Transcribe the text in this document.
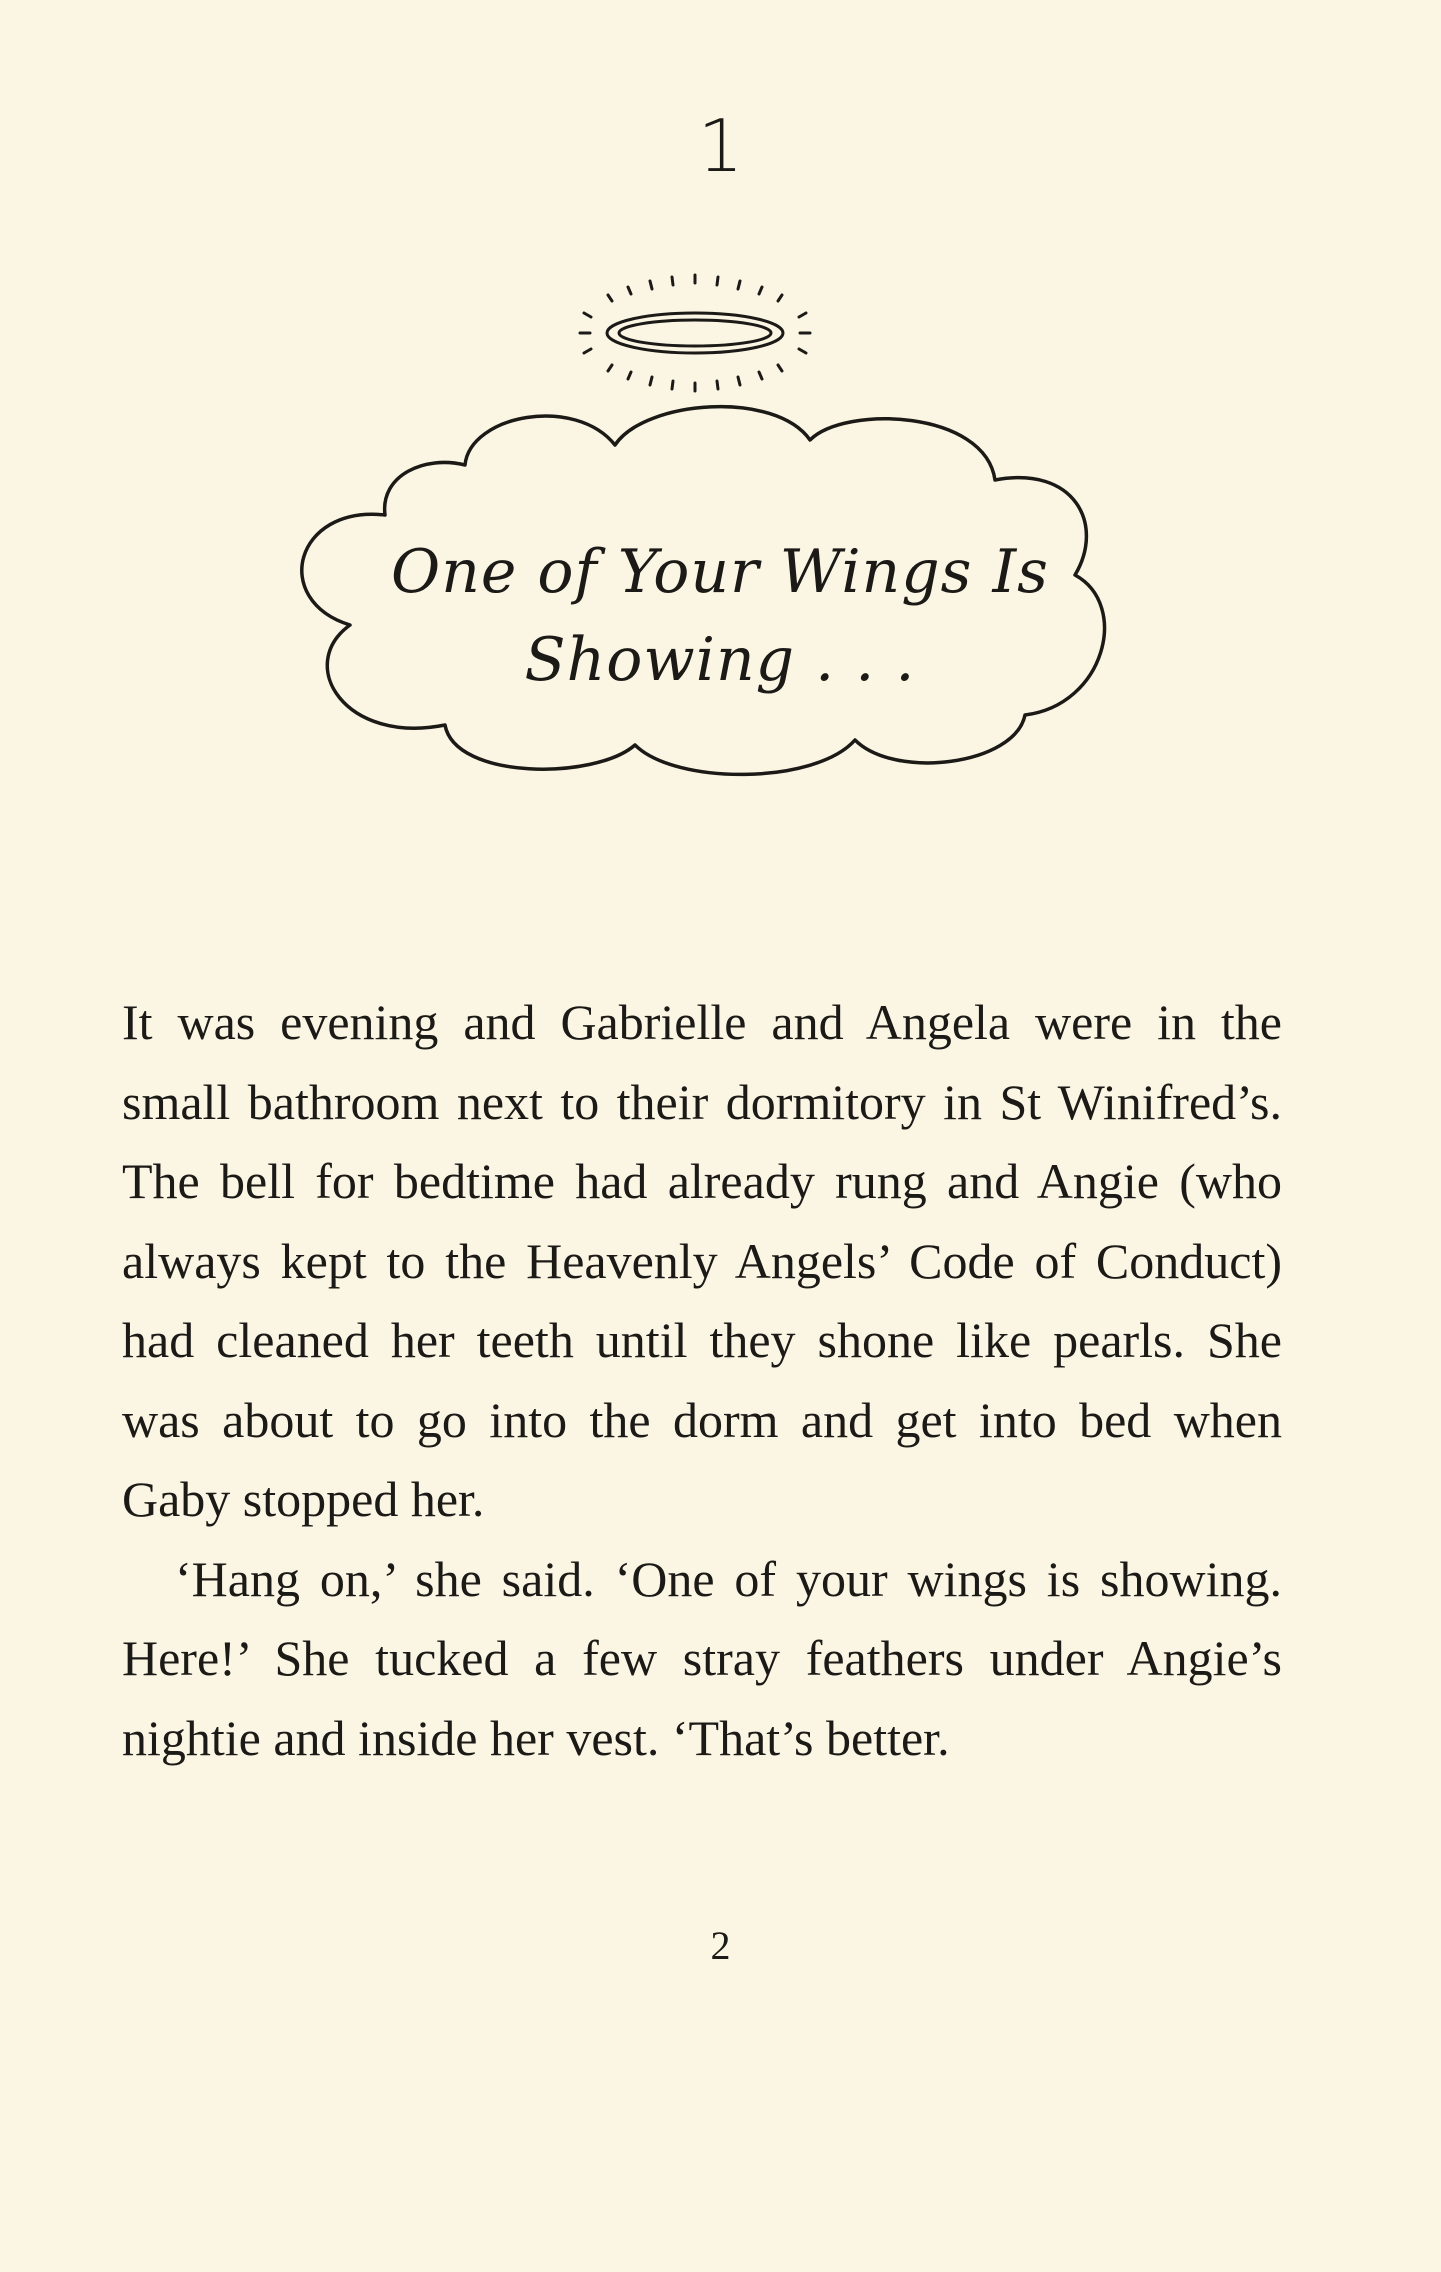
1
One of Your Wings Is Showing . . .

It was evening and Gabrielle and Angela were in the small bathroom next to their dormitory in St Winifred’s. The bell for bedtime had already rung and Angie (who always kept to the Heavenly Angels’ Code of Conduct) had cleaned her teeth until they shone like pearls. She was about to go into the dorm and get into bed when Gaby stopped her.

‘Hang on,’ she said. ‘One of your wings is showing. Here!’ She tucked a few stray feathers under Angie’s nightie and inside her vest. ‘That’s better.

2
